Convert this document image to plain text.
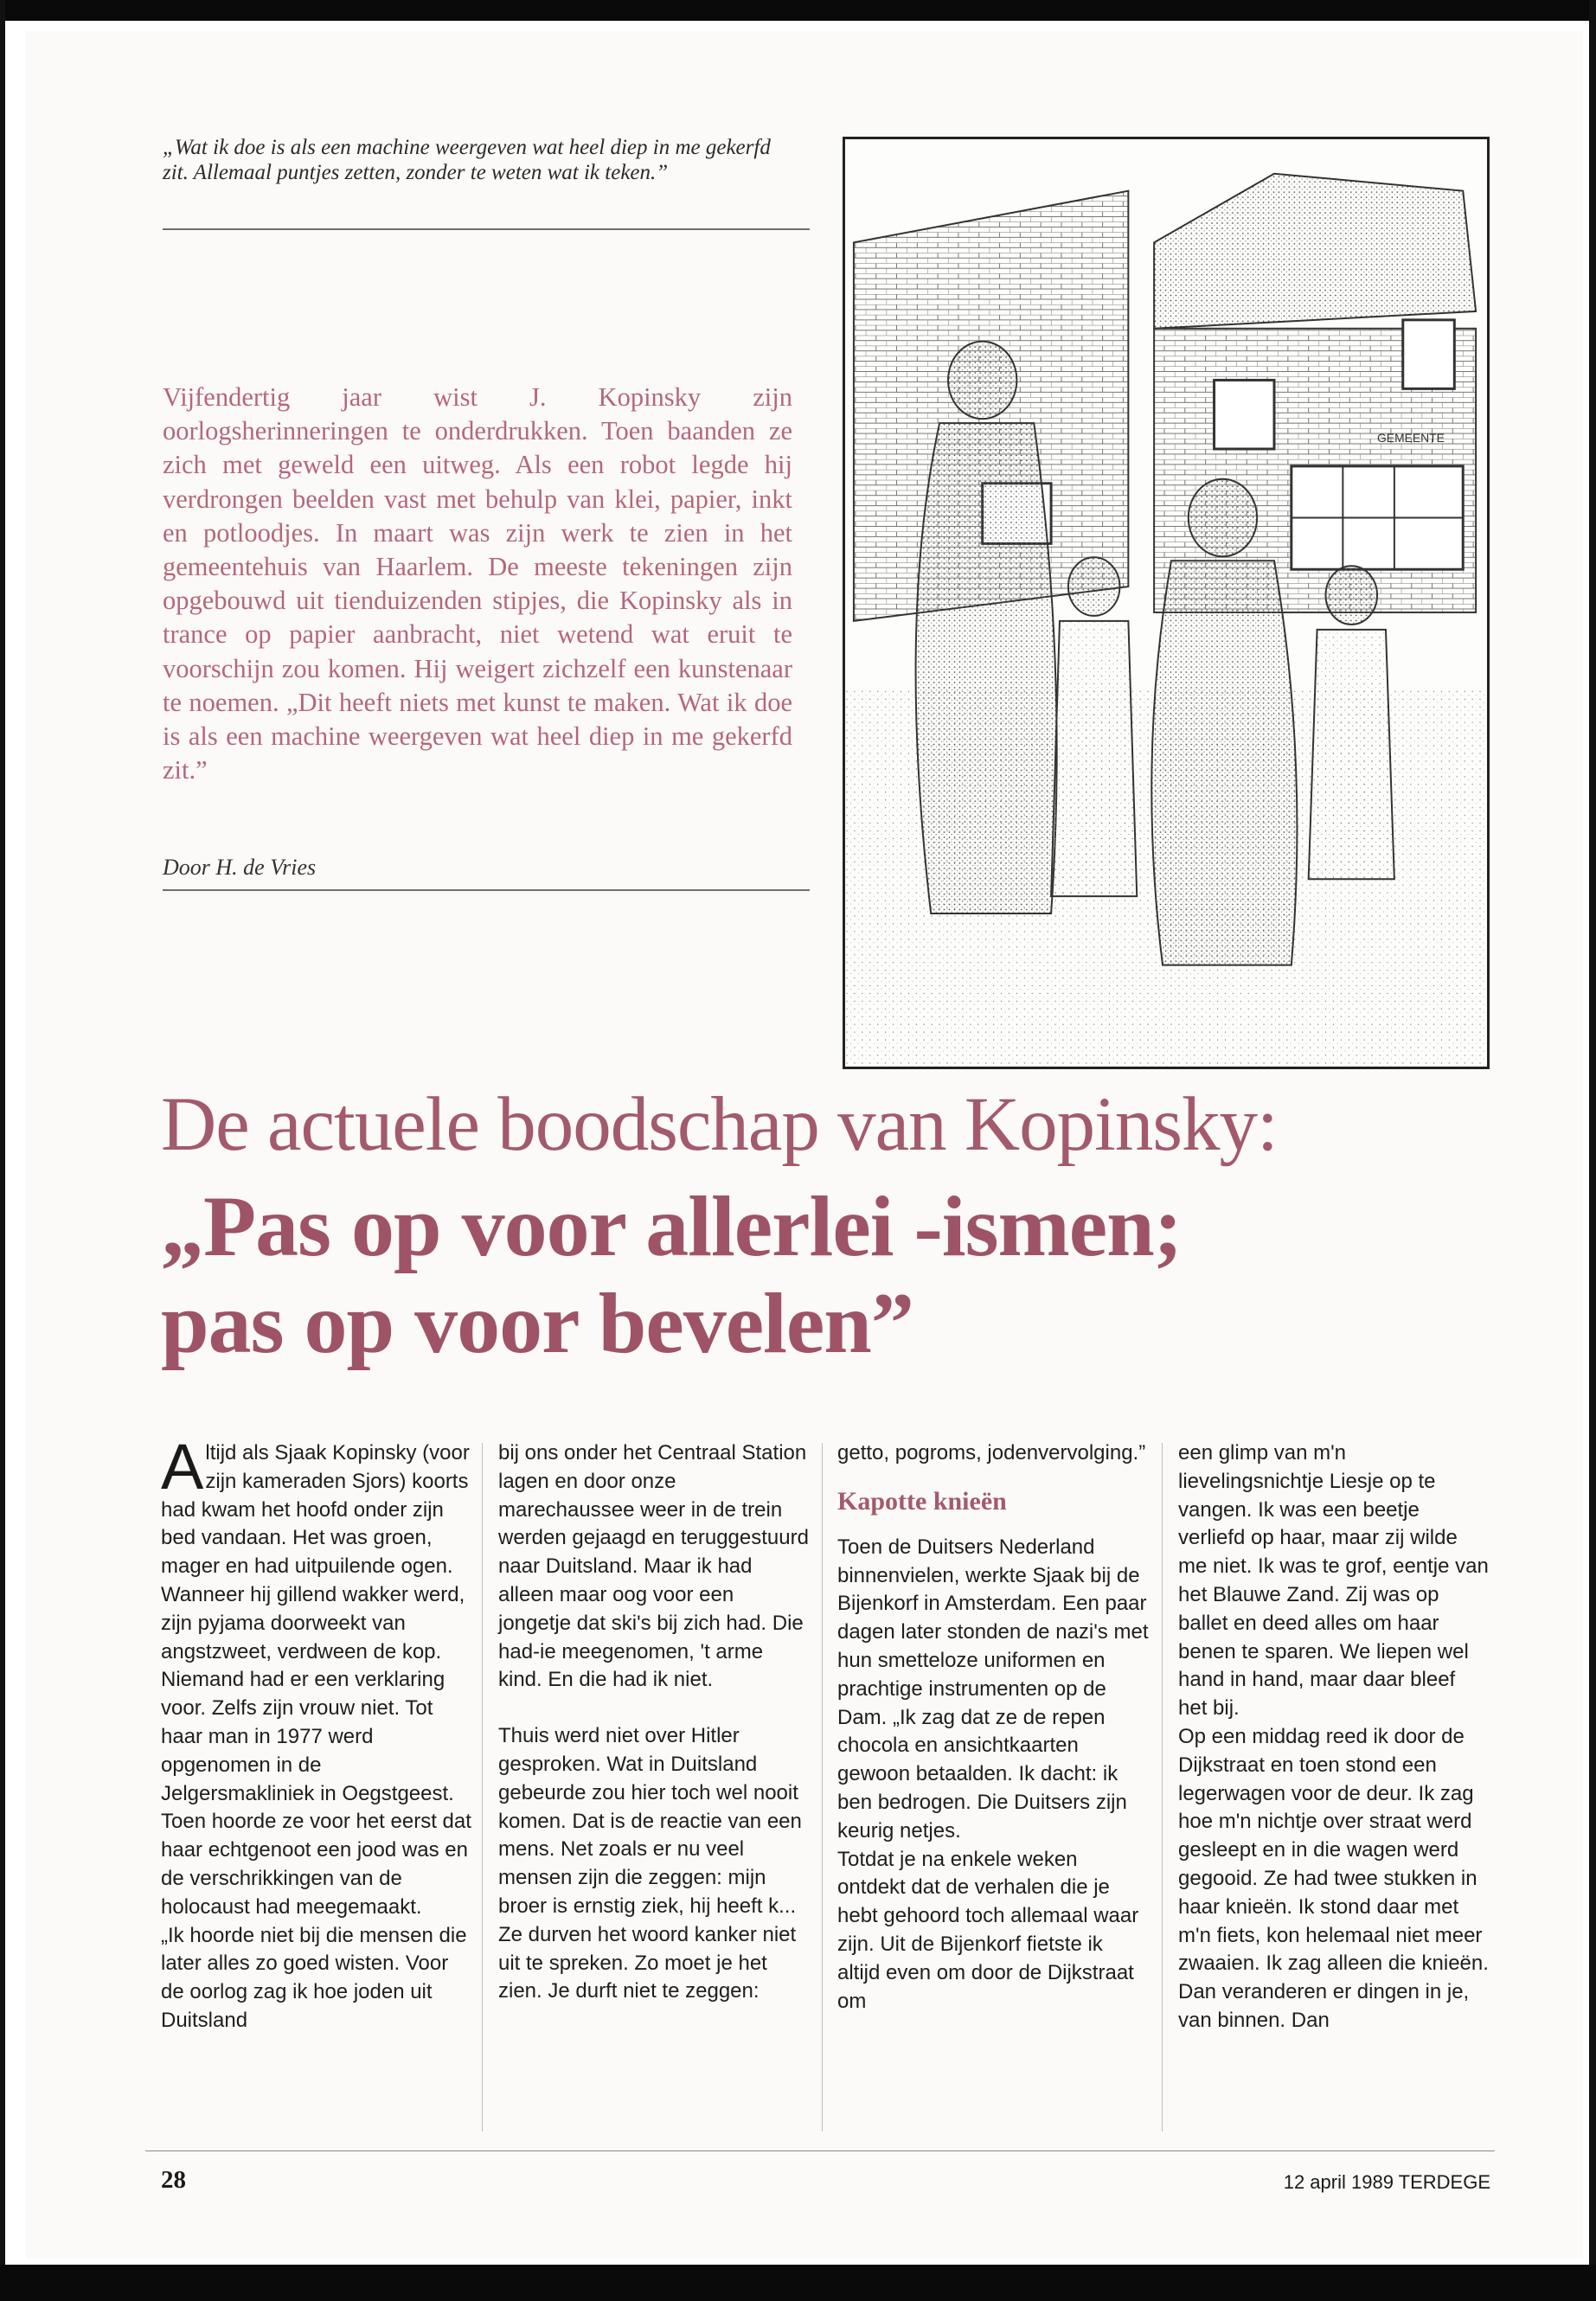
„Wat ik doe is als een machine weergeven wat heel diep in me gekerfd zit. Allemaal puntjes zetten, zonder te weten wat ik teken.”
Vijfendertig jaar wist J. Kopinsky zijn oorlogsherinneringen te onderdrukken. Toen baanden ze zich met geweld een uitweg. Als een robot legde hij verdrongen beelden vast met behulp van klei, papier, inkt en potloodjes. In maart was zijn werk te zien in het gemeentehuis van Haarlem. De meeste tekeningen zijn opgebouwd uit tienduizenden stipjes, die Kopinsky als in trance op papier aanbracht, niet wetend wat eruit te voorschijn zou komen. Hij weigert zichzelf een kunstenaar te noemen. „Dit heeft niets met kunst te maken. Wat ik doe is als een machine weergeven wat heel diep in me gekerfd zit.”
Door H. de Vries
GEMEENTE
De actuele boodschap van Kopinsky:
„Pas op voor allerlei -ismen;
pas op voor bevelen”

Altijd als Sjaak Kopinsky (voor zijn kameraden Sjors) koorts had kwam het hoofd onder zijn bed vandaan. Het was groen, mager en had uitpuilende ogen. Wanneer hij gillend wakker werd, zijn pyjama doorweekt van angstzweet, verdween de kop. Niemand had er een verklaring voor. Zelfs zijn vrouw niet. Tot haar man in 1977 werd opgenomen in de Jelgersmakliniek in Oegstgeest. Toen hoorde ze voor het eerst dat haar echtgenoot een jood was en de verschrikkingen van de holocaust had meegemaakt.

„Ik hoorde niet bij die mensen die later alles zo goed wisten. Voor de oorlog zag ik hoe joden uit Duitsland

bij ons onder het Centraal Station lagen en door onze marechaussee weer in de trein werden gejaagd en teruggestuurd naar Duitsland. Maar ik had alleen maar oog voor een jongetje dat ski's bij zich had. Die had-ie meegenomen, 't arme kind. En die had ik niet.

Thuis werd niet over Hitler gesproken. Wat in Duitsland gebeurde zou hier toch wel nooit komen. Dat is de reactie van een mens. Net zoals er nu veel mensen zijn die zeggen: mijn broer is ernstig ziek, hij heeft k... Ze durven het woord kanker niet uit te spreken. Zo moet je het zien. Je durft niet te zeggen:

getto, pogroms, jodenvervolging.”

Kapotte knieën

Toen de Duitsers Nederland binnenvielen, werkte Sjaak bij de Bijenkorf in Amsterdam. Een paar dagen later stonden de nazi's met hun smetteloze uniformen en prachtige instrumenten op de Dam. „Ik zag dat ze de repen chocola en ansichtkaarten gewoon betaalden. Ik dacht: ik ben bedrogen. Die Duitsers zijn keurig netjes.

Totdat je na enkele weken ontdekt dat de verhalen die je hebt gehoord toch allemaal waar zijn. Uit de Bijenkorf fietste ik altijd even om door de Dijkstraat om

een glimp van m'n lievelingsnichtje Liesje op te vangen. Ik was een beetje verliefd op haar, maar zij wilde me niet. Ik was te grof, eentje van het Blauwe Zand. Zij was op ballet en deed alles om haar benen te sparen. We liepen wel hand in hand, maar daar bleef het bij.

Op een middag reed ik door de Dijkstraat en toen stond een legerwagen voor de deur. Ik zag hoe m'n nichtje over straat werd gesleept en in die wagen werd gegooid. Ze had twee stukken in haar knieën. Ik stond daar met m'n fiets, kon helemaal niet meer zwaaien. Ik zag alleen die knieën. Dan veranderen er dingen in je, van binnen. Dan

28	12 april 1989 TERDEGE
